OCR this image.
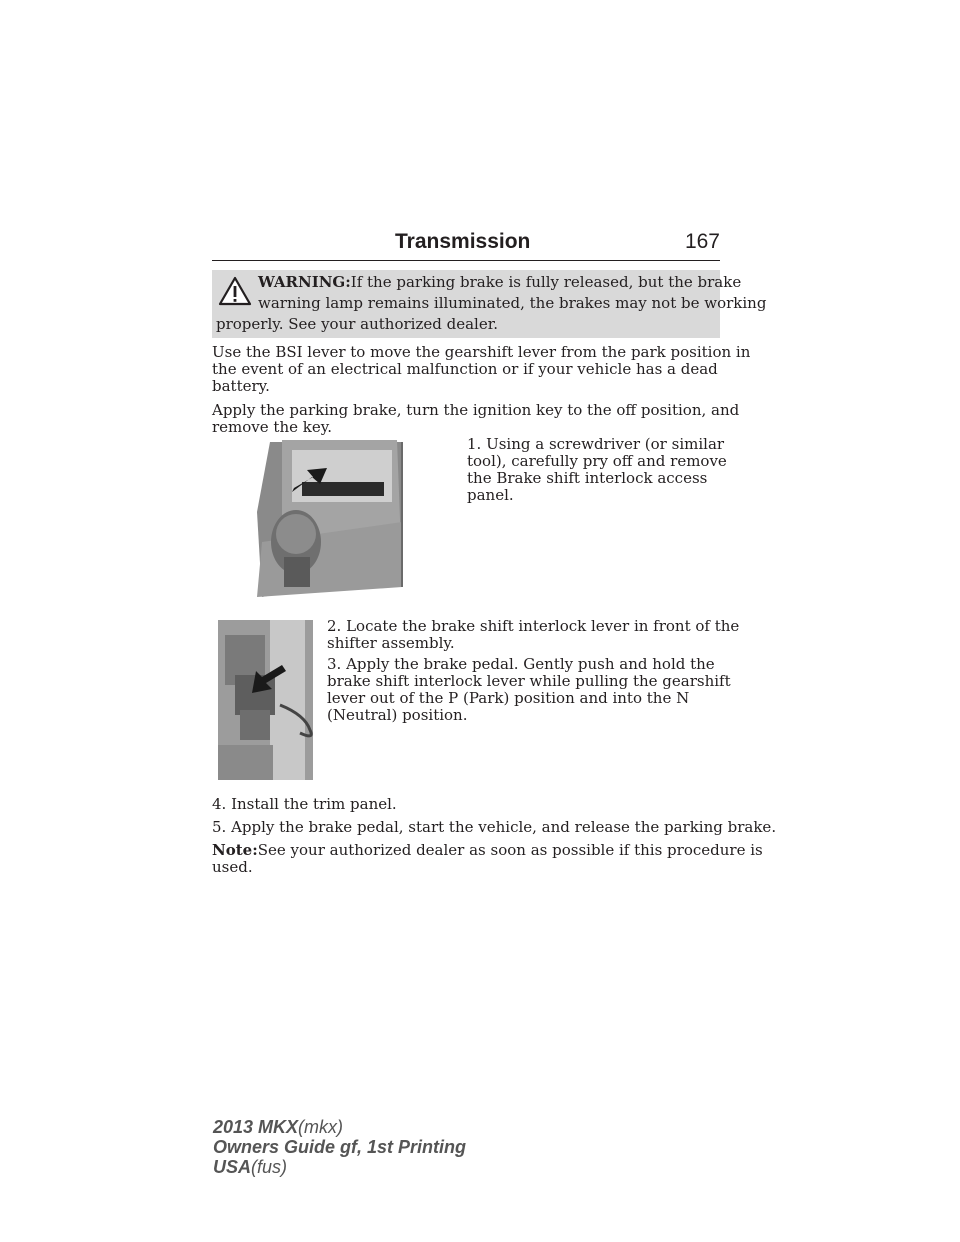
Transmission	167
WARNING:If the parking brake is fully released, but the brake
warning lamp remains illuminated, the brakes may not be working
properly. See your authorized dealer.
Use the BSI lever to move the gearshift lever from the park position in
the event of an electrical malfunction or if your vehicle has a dead
battery.
Apply the parking brake, turn the ignition key to the off position, and
remove the key.
1. Using a screwdriver (or similar
tool), carefully pry off and remove
the Brake shift interlock access
panel.
2. Locate the brake shift interlock lever in front of the
shifter assembly.
3. Apply the brake pedal. Gently push and hold the
brake shift interlock lever while pulling the gearshift
lever out of the P (Park) position and into the N
(Neutral) position.
4. Install the trim panel.
5. Apply the brake pedal, start the vehicle, and release the parking brake.
Note:See your authorized dealer as soon as possible if this procedure is
used.
2013 MKX(mkx)
Owners Guide gf, 1st Printing
USA(fus)
